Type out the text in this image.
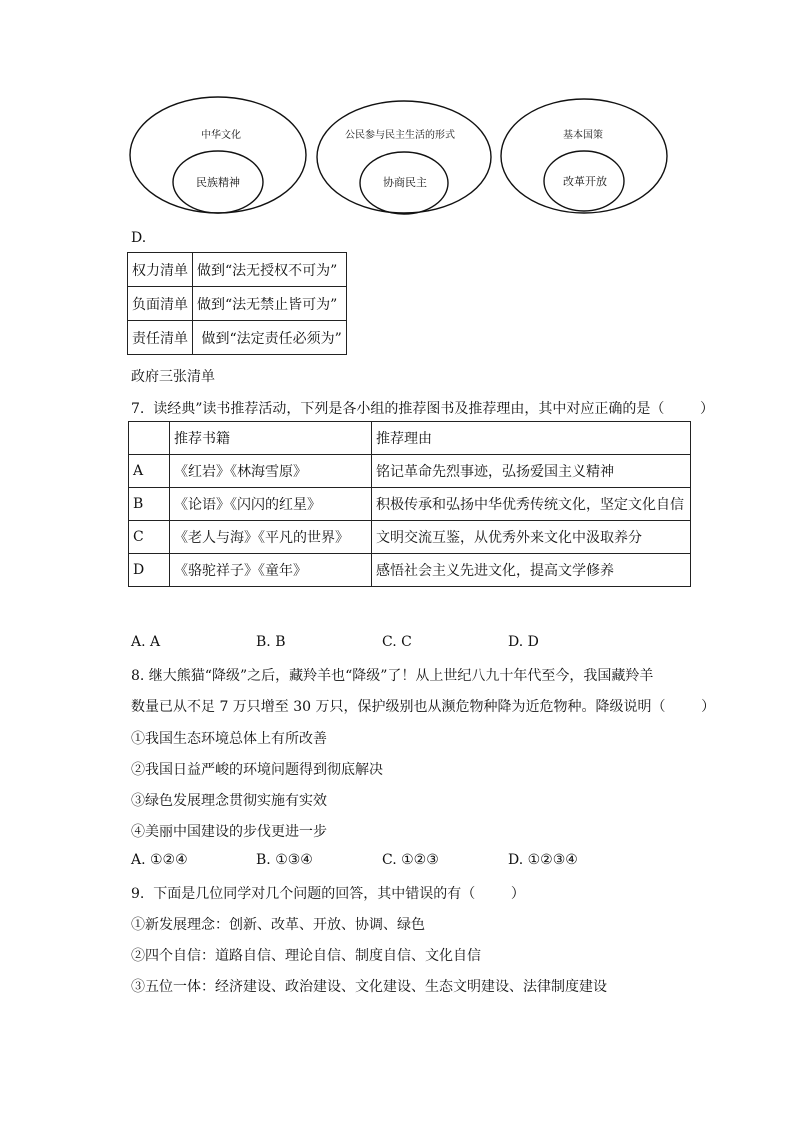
中华文化
民族精神
公民参与民主生活的形式
协商民主
基本国策
改革开放
D.
权力清单	做到“法无授权不可为”
负面清单	做到“法无禁止皆可为”
责任清单	做到“法定责任必须为”
政府三张清单
7.  读经典”读书推荐活动，下列是各小组的推荐图书及推荐理由，其中对应正确的是（        ）
	推荐书籍	推荐理由
A	《红岩》《林海雪原》	铭记革命先烈事迹，弘扬爱国主义精神
B	《论语》《闪闪的红星》	积极传承和弘扬中华优秀传统文化，坚定文化自信
C	《老人与海》《平凡的世界》	文明交流互鉴，从优秀外来文化中汲取养分
D	《骆驼祥子》《童年》	感悟社会主义先进文化，提高文学修养
A. A	B. B	C. C	D. D
8. 继大熊猫“降级”之后，藏羚羊也“降级”了！从上世纪八九十年代至今，我国藏羚羊
数量已从不足 7 万只增至 30 万只，保护级别也从濒危物种降为近危物种。降级说明（        ）
①我国生态环境总体上有所改善
②我国日益严峻的环境问题得到彻底解决
③绿色发展理念贯彻实施有实效
④美丽中国建设的步伐更进一步
A. ①②④	B. ①③④	C. ①②③	D. ①②③④
9.  下面是几位同学对几个问题的回答，其中错误的有（        ）
①新发展理念：创新、改革、开放、协调、绿色
②四个自信：道路自信、理论自信、制度自信、文化自信
③五位一体：经济建设、政治建设、文化建设、生态文明建设、法律制度建设
